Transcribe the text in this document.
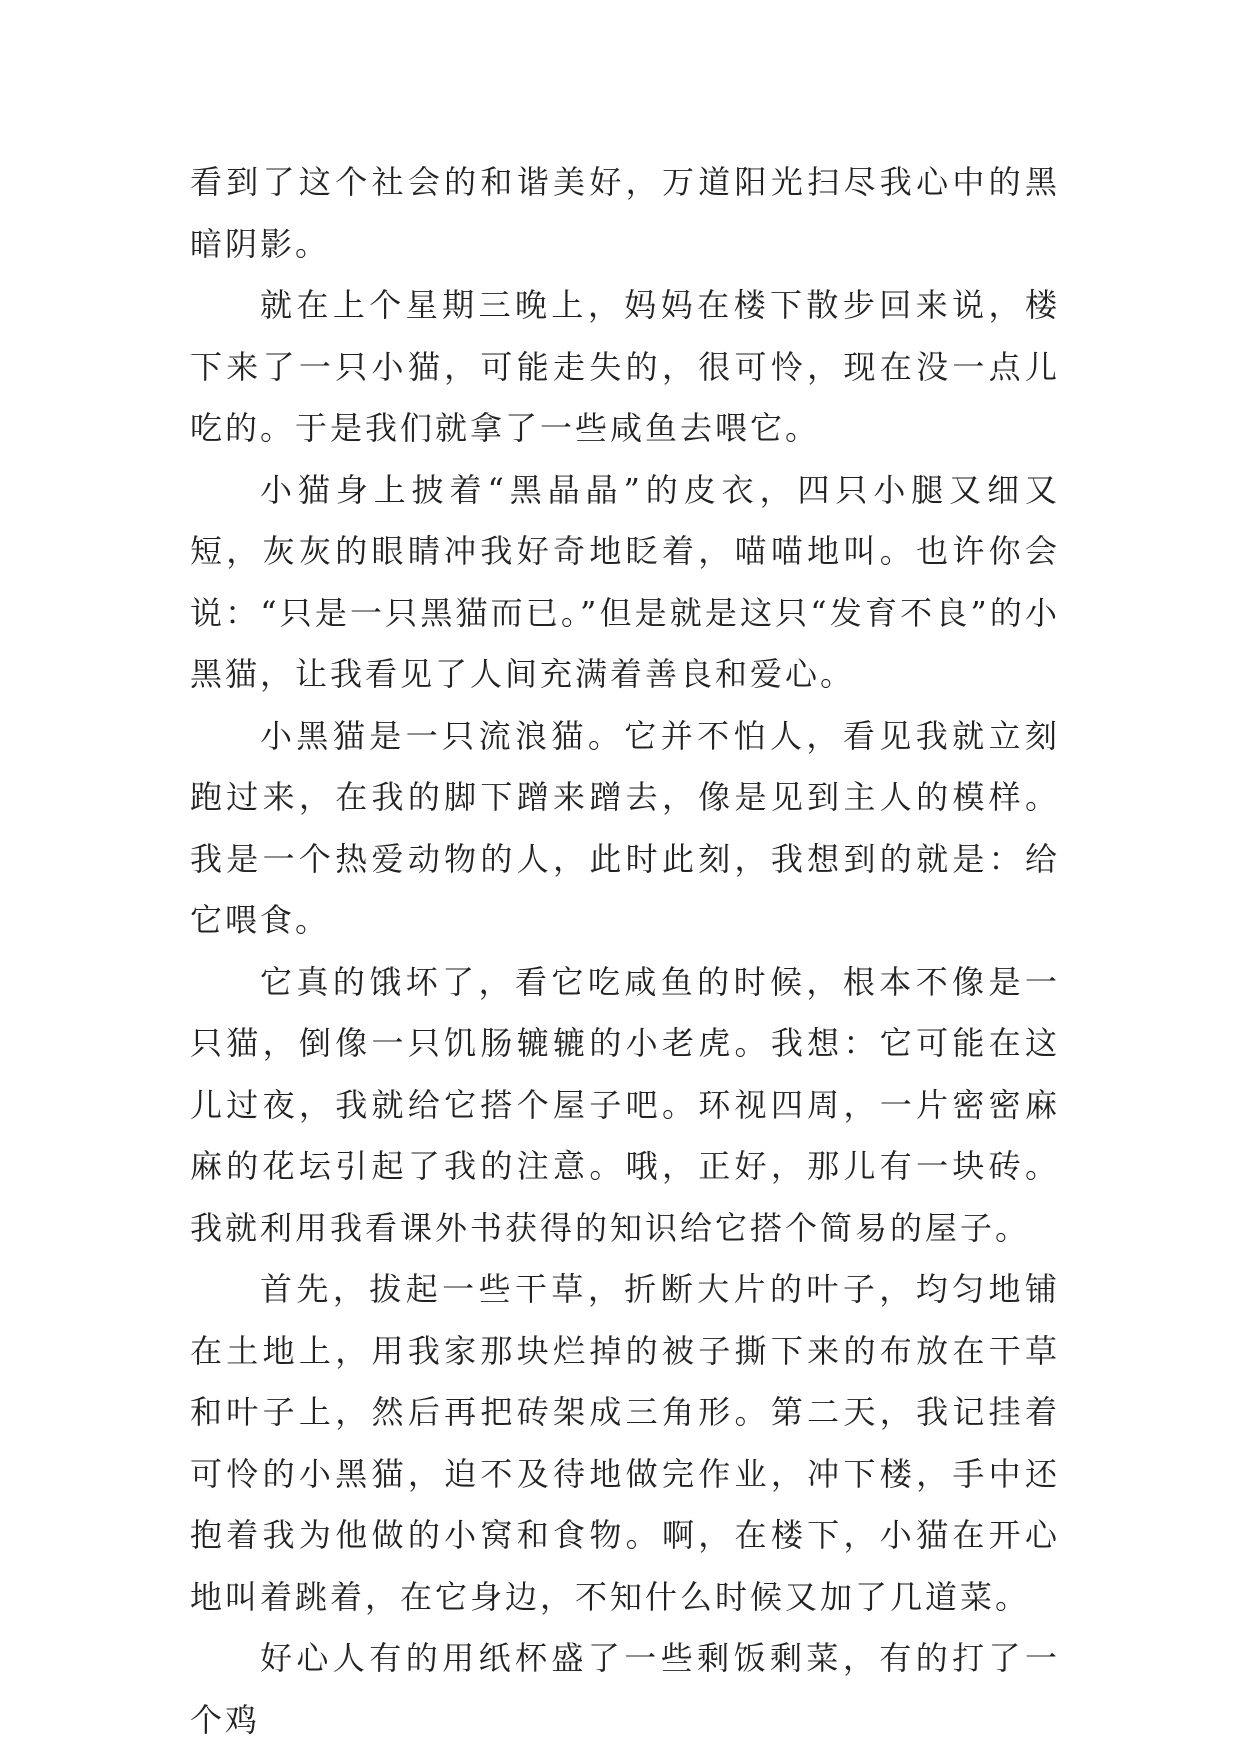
看到了这个社会的和谐美好，万道阳光扫尽我心中的黑暗阴影。

就在上个星期三晚上，妈妈在楼下散步回来说，楼下来了一只小猫，可能走失的，很可怜，现在没一点儿吃的。于是我们就拿了一些咸鱼去喂它。

小猫身上披着“黑晶晶”的皮衣，四只小腿又细又短，灰灰的眼睛冲我好奇地眨着，喵喵地叫。也许你会说：“只是一只黑猫而已。”但是就是这只“发育不良”的小黑猫，让我看见了人间充满着善良和爱心。

小黑猫是一只流浪猫。它并不怕人，看见我就立刻跑过来，在我的脚下蹭来蹭去，像是见到主人的模样。我是一个热爱动物的人，此时此刻，我想到的就是：给它喂食。

它真的饿坏了，看它吃咸鱼的时候，根本不像是一只猫，倒像一只饥肠辘辘的小老虎。我想：它可能在这儿过夜，我就给它搭个屋子吧。环视四周，一片密密麻麻的花坛引起了我的注意。哦，正好，那儿有一块砖。我就利用我看课外书获得的知识给它搭个简易的屋子。

首先，拔起一些干草，折断大片的叶子，均匀地铺在土地上，用我家那块烂掉的被子撕下来的布放在干草和叶子上，然后再把砖架成三角形。第二天，我记挂着可怜的小黑猫，迫不及待地做完作业，冲下楼，手中还抱着我为他做的小窝和食物。啊，在楼下，小猫在开心地叫着跳着，在它身边，不知什么时候又加了几道菜。

好心人有的用纸杯盛了一些剩饭剩菜，有的打了一个鸡
